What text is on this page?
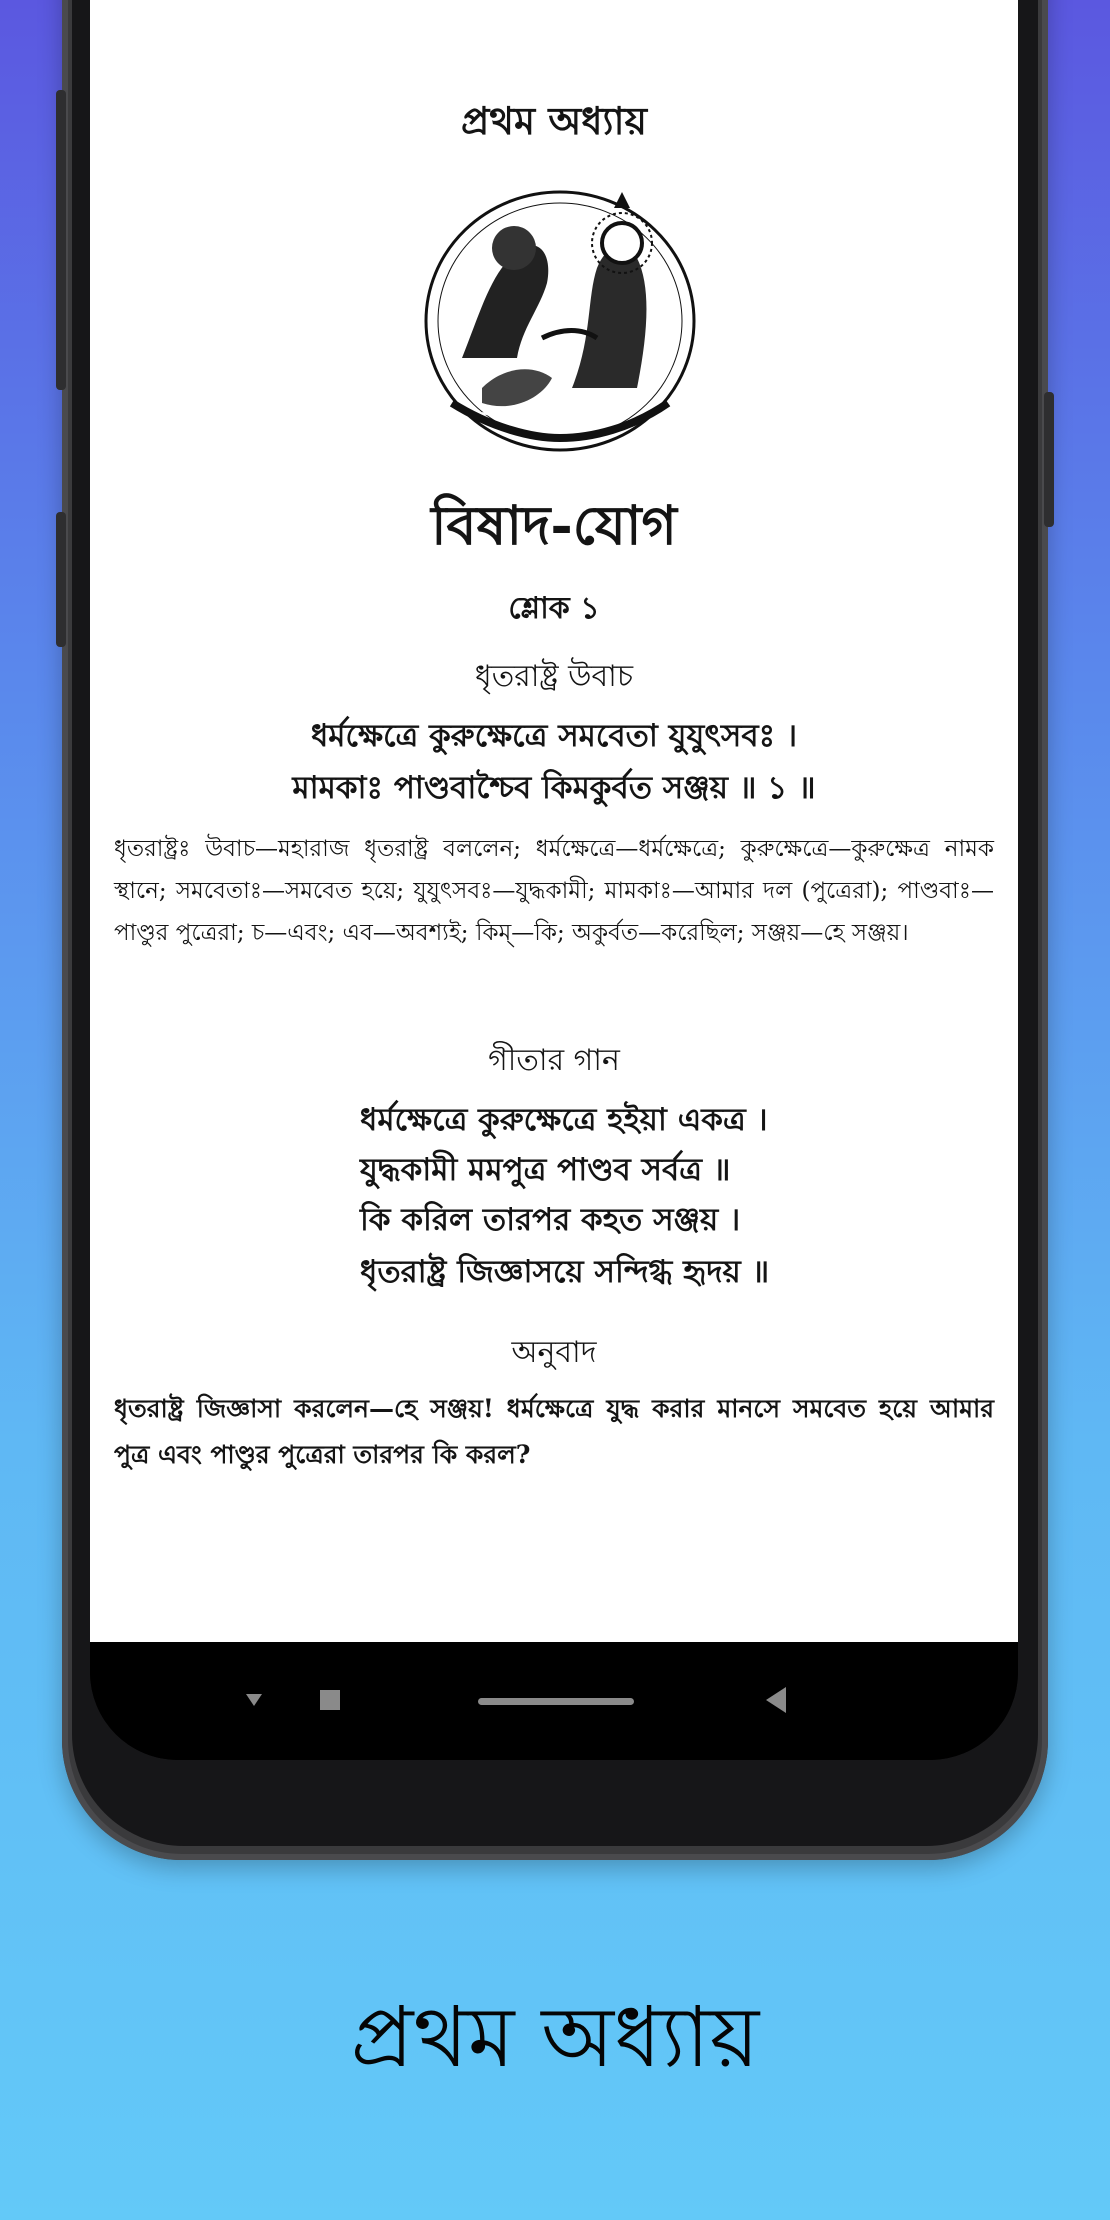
প্রথম অধ্যায়
বিষাদ-যোগ
শ্লোক ১
ধৃতরাষ্ট্র উবাচ
ধর্মক্ষেত্রে কুরুক্ষেত্রে সমবেতা যুযুৎসবঃ ।
মামকাঃ পাণ্ডবাশ্চৈব কিমকুর্বত সঞ্জয় ॥ ১ ॥

ধৃতরাষ্ট্রঃ উবাচ—মহারাজ ধৃতরাষ্ট্র বললেন; ধর্মক্ষেত্রে—ধর্মক্ষেত্রে; কুরুক্ষেত্রে—কুরুক্ষেত্র নামক স্থানে; সমবেতাঃ—সমবেত হয়ে; যুযুৎসবঃ—যুদ্ধকামী; মামকাঃ—আমার দল (পুত্রেরা); পাণ্ডবাঃ—পাণ্ডুর পুত্রেরা; চ—এবং; এব—অবশ্যই; কিম্—কি; অকুর্বত—করেছিল; সঞ্জয়—হে সঞ্জয়।

গীতার গান
ধর্মক্ষেত্রে কুরুক্ষেত্রে হইয়া একত্র ।
যুদ্ধকামী মমপুত্র পাণ্ডব সর্বত্র ॥
কি করিল তারপর কহত সঞ্জয় ।
ধৃতরাষ্ট্র জিজ্ঞাসয়ে সন্দিগ্ধ হৃদয় ॥
অনুবাদ

ধৃতরাষ্ট্র জিজ্ঞাসা করলেন—হে সঞ্জয়! ধর্মক্ষেত্রে যুদ্ধ করার মানসে সমবেত হয়ে আমার পুত্র এবং পাণ্ডুর পুত্রেরা তারপর কি করল?

প্রথম অধ্যায়
